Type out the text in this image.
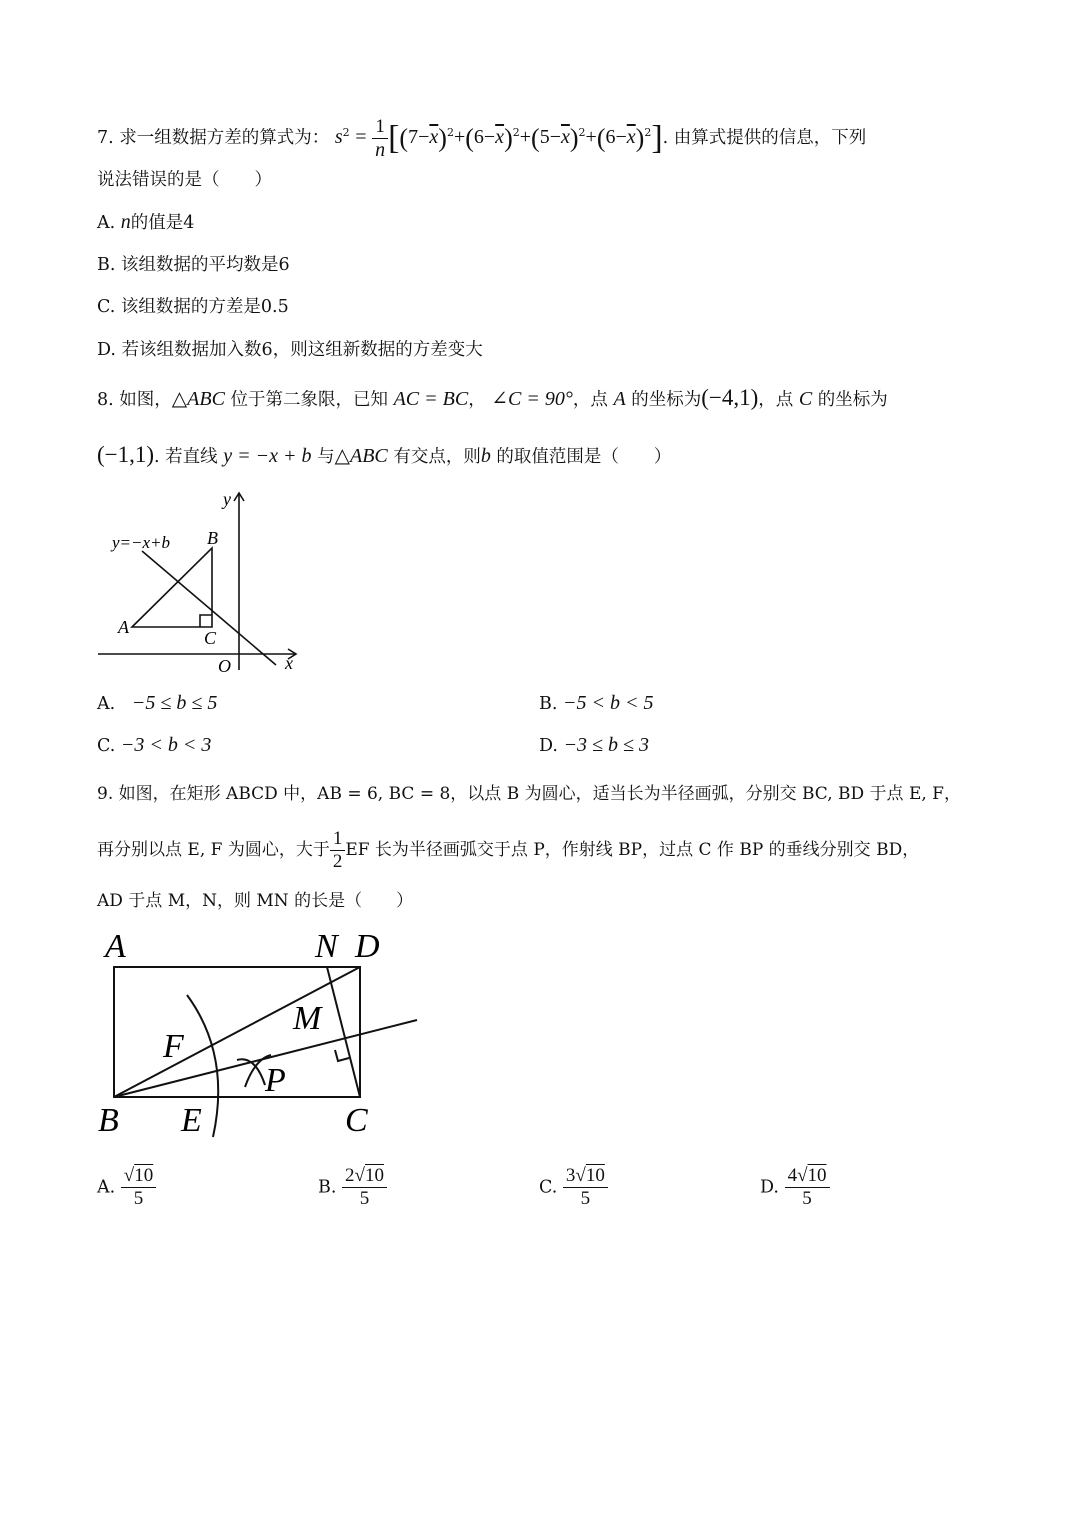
7. 求一组数据方差的算式为： $s^2 = \frac{1}{n} [(7-\overline{x})^2+(6-\overline{x})^2+(5-\overline{x})^2+(6-\overline{x})^2]$. 由算式提供的信息，下列
说法错误的是（　　）
A. n的值是4
B. 该组数据的平均数是6
C. 该组数据的方差是0.5
D. 若该组数据加入数6，则这组新数据的方差变大
8. 如图，△ABC 位于第二象限，已知 AC = BC， ∠C = 90°，点 A 的坐标为(−4,1)，点 C 的坐标为
(−1,1). 若直线 y = −x + b 与△ABC 有交点，则b 的取值范围是（　　）
y=−x+b
y
B
A
C
O	x
A. −5 ≤ b ≤ 5	B. −5 < b < 5
C. −3 < b < 3	D. −3 ≤ b ≤ 3
9. 如图，在矩形 ABCD 中，AB = 6, BC = 8，以点 B 为圆心，适当长为半径画弧，分别交 BC, BD 于点 E, F，
再分别以点 E, F 为圆心，大于 $\frac{1}{2}$ EF 长为半径画弧交于点 P，作射线 BP，过点 C 作 BP 的垂线分别交 BD，
AD 于点 M，N，则 MN 的长是（　　）
A	N D
M
F
P
B E	C
A. $\frac{√10}{5}$	B. $\frac{2√10}{5}$	C. $\frac{3√10}{5}$	D. $\frac{4√10}{5}$
